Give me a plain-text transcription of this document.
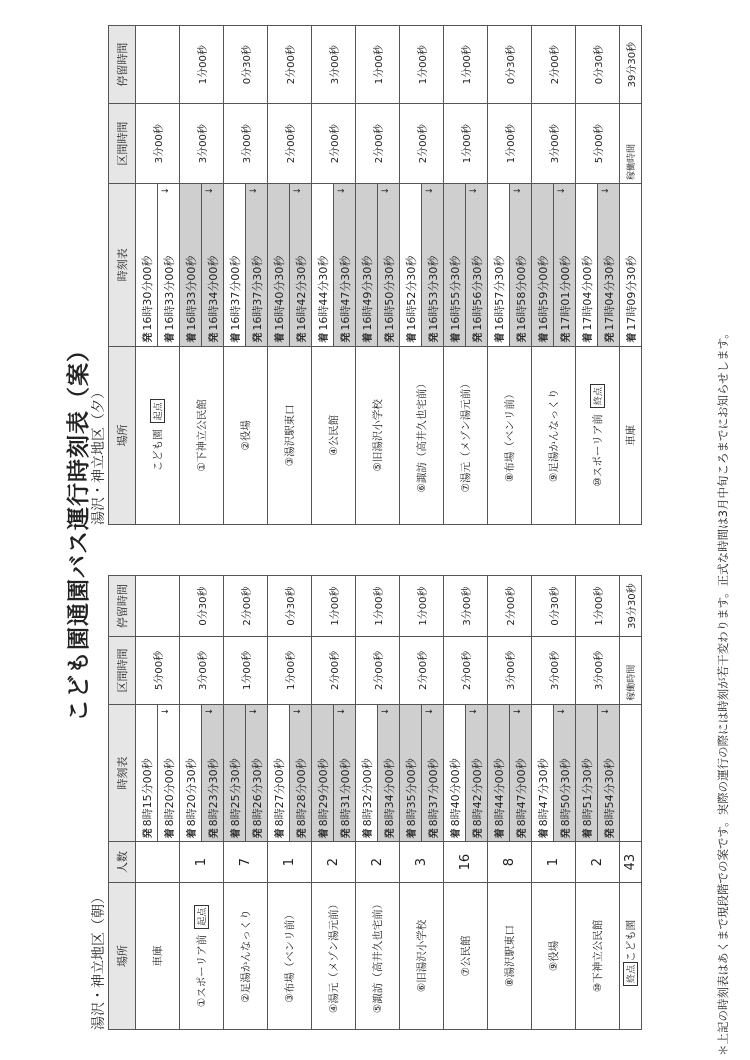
こども園通園バス運行時刻表（案）
湯沢・神立地区（朝） 場所	人数	時刻表	区間時間	停留時間
車庫		発8時15分00秒	5分00秒	
		着8時20分00秒
↓		

①スポーリア前起点	1	着8時20分30秒	3分00秒	0分30秒
		発8時23分30秒
↓		

②足湯かんなっくり	7	着8時25分30秒	1分00秒	2分00秒
		発8時26分30秒
↓		

③布場（ベンリ前）	1	着8時27分00秒	1分00秒	0分30秒
		発8時28分00秒
↓		

④湯元（メゾン湯元前）	2	着8時29分00秒	2分00秒	1分00秒
		発8時31分00秒
↓		

⑤諏訪（高井久也宅前）	2	着8時32分00秒	2分00秒	1分00秒
		発8時34分00秒
↓		

⑥旧湯沢小学校	3	着8時35分00秒	2分00秒	1分00秒
		発8時37分00秒
↓		

⑦公民館	16	着8時40分00秒	2分00秒	3分00秒
		発8時42分00秒
↓		

⑧湯沢駅東口	8	着8時44分00秒	3分00秒	2分00秒
		発8時47分00秒
↓		

⑨役場	1	着8時47分30秒	3分00秒	0分30秒
		発8時50分30秒
↓		

⑩下神立公民館	2	着8時51分30秒	3分00秒	1分00秒
		発8時54分30秒
↓		

終点こども園	43		稼働時間	39分30秒
湯沢・神立地区（夕） 場所	時刻表	区間時間	停留時間
こども園起点	発16時30分00秒	3分00秒	
	着16時33分00秒
↓		

①下神立公民館	着16時33分00秒	3分00秒	1分00秒
	発16時34分00秒
↓		

②役場	着16時37分00秒	3分00秒	0分30秒
	発16時37分30秒
↓		

③湯沢駅東口	着16時40分30秒	2分00秒	2分00秒
	発16時42分30秒
↓		

④公民館	着16時44分30秒	2分00秒	3分00秒
	発16時47分30秒
↓		

⑤旧湯沢小学校	着16時49分30秒	2分00秒	1分00秒
	発16時50分30秒
↓		

⑥諏訪（高井久也宅前）	着16時52分30秒	2分00秒	1分00秒
	発16時53分30秒
↓		

⑦湯元（メゾン湯元前）	着16時55分30秒	1分00秒	1分00秒
	発16時56分30秒
↓		

⑧布場（ベンリ前）	着16時57分30秒	1分00秒	0分30秒
	発16時58分00秒
↓		

⑨足湯かんなっくり	着16時59分00秒	3分00秒	2分00秒
	発17時01分00秒
↓		

⑩スポーリア前終点	着17時04分00秒	5分00秒	0分30秒
	発17時04分30秒
↓		

車庫	着17時09分30秒	稼働時間	39分30秒
＊上記の時刻表はあくまで現段階での案です。実際の運行の際には時刻が若干変わります。正式な時間は3月中旬ころまでにお知らせします。
